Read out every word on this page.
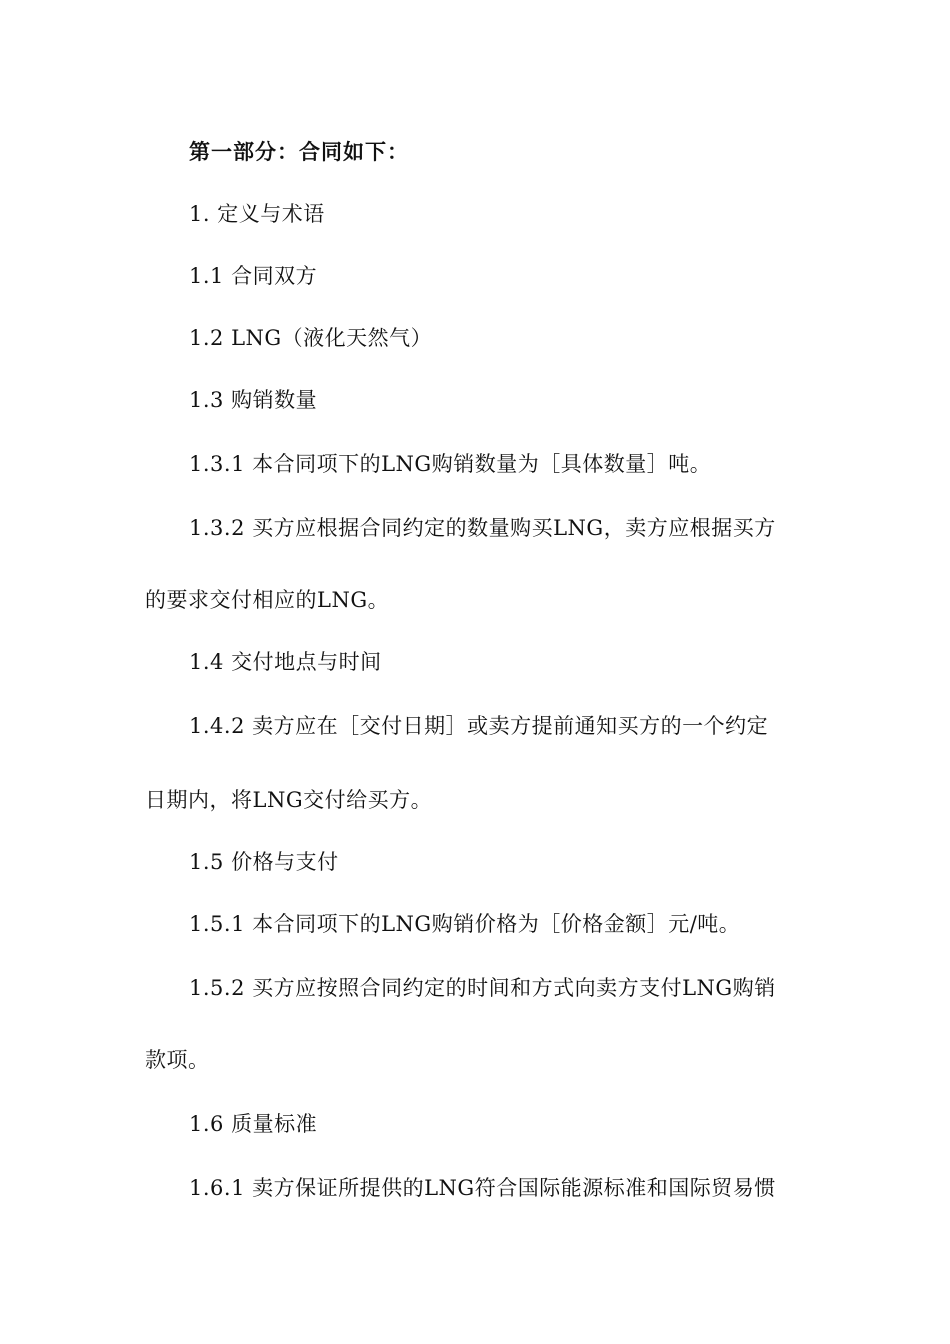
第一部分：合同如下：
1. 定义与术语
1.1 合同双方
1.2 LNG（液化天然气）
1.3 购销数量
1.3.1 本合同项下的LNG购销数量为［具体数量］吨。
1.3.2 买方应根据合同约定的数量购买LNG，卖方应根据买方
的要求交付相应的LNG。
1.4 交付地点与时间
1.4.2 卖方应在［交付日期］或卖方提前通知买方的一个约定
日期内，将LNG交付给买方。
1.5 价格与支付
1.5.1 本合同项下的LNG购销价格为［价格金额］元/吨。
1.5.2 买方应按照合同约定的时间和方式向卖方支付LNG购销
款项。
1.6 质量标准
1.6.1 卖方保证所提供的LNG符合国际能源标准和国际贸易惯
